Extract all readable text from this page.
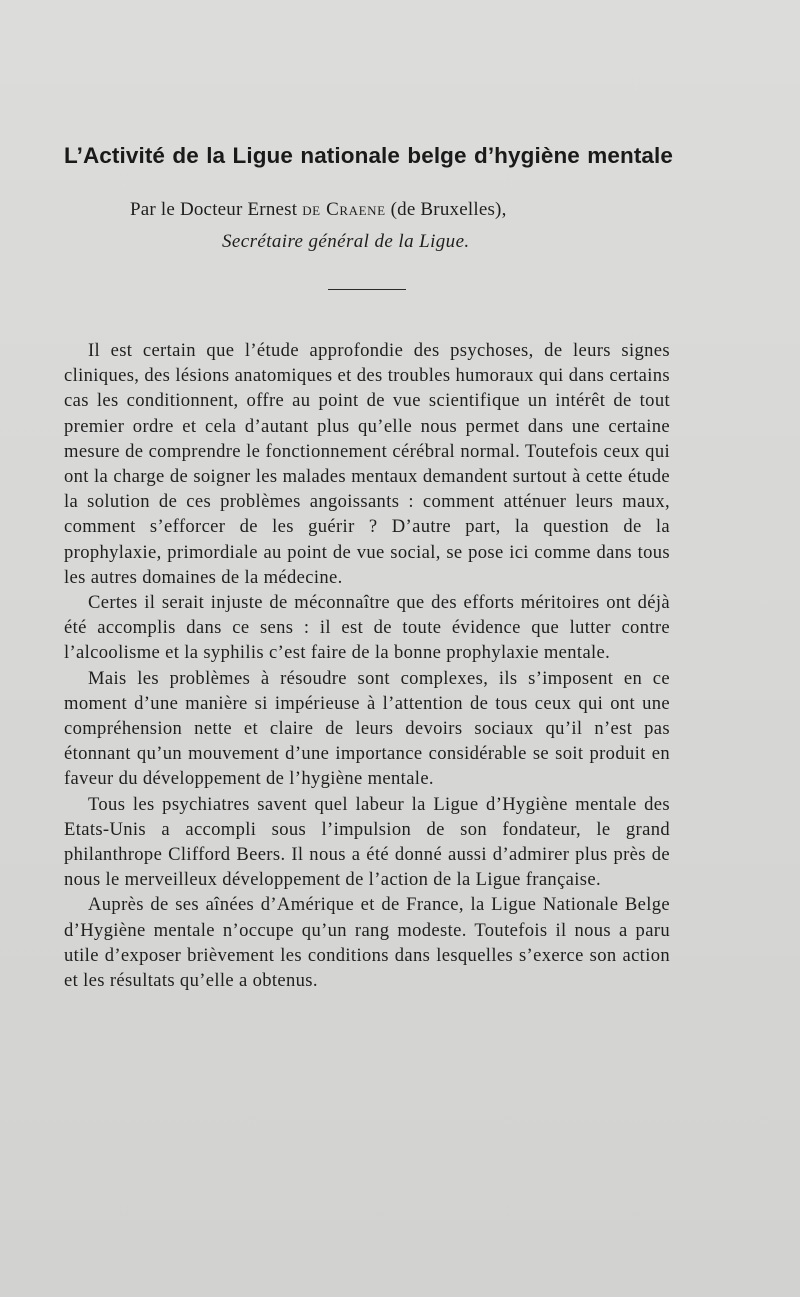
L’Activité de la Ligue nationale belge d’hygiène mentale
Par le Docteur Ernest de Craene (de Bruxelles),
Secrétaire général de la Ligue.

Il est certain que l’étude approfondie des psychoses, de leurs signes cliniques, des lésions anatomiques et des troubles humoraux qui dans certains cas les conditionnent, offre au point de vue scientifique un intérêt de tout premier ordre et cela d’autant plus qu’elle nous permet dans une certaine mesure de comprendre le fonctionnement cérébral normal. Toutefois ceux qui ont la charge de soigner les malades mentaux demandent surtout à cette étude la solution de ces problèmes angoissants : comment atténuer leurs maux, comment s’efforcer de les guérir ? D’autre part, la question de la prophylaxie, primordiale au point de vue social, se pose ici comme dans tous les autres domaines de la médecine.

Certes il serait injuste de méconnaître que des efforts méritoires ont déjà été accomplis dans ce sens : il est de toute évidence que lutter contre l’alcoolisme et la syphilis c’est faire de la bonne prophylaxie mentale.

Mais les problèmes à résoudre sont complexes, ils s’imposent en ce moment d’une manière si impérieuse à l’attention de tous ceux qui ont une compréhension nette et claire de leurs devoirs sociaux qu’il n’est pas étonnant qu’un mouvement d’une importance considérable se soit produit en faveur du développement de l’hygiène mentale.

Tous les psychiatres savent quel labeur la Ligue d’Hygiène mentale des Etats-Unis a accompli sous l’impulsion de son fondateur, le grand philanthrope Clifford Beers. Il nous a été donné aussi d’admirer plus près de nous le merveilleux développement de l’action de la Ligue française.

Auprès de ses aînées d’Amérique et de France, la Ligue Nationale Belge d’Hygiène mentale n’occupe qu’un rang modeste. Toutefois il nous a paru utile d’exposer brièvement les conditions dans lesquelles s’exerce son action et les résultats qu’elle a obtenus.
